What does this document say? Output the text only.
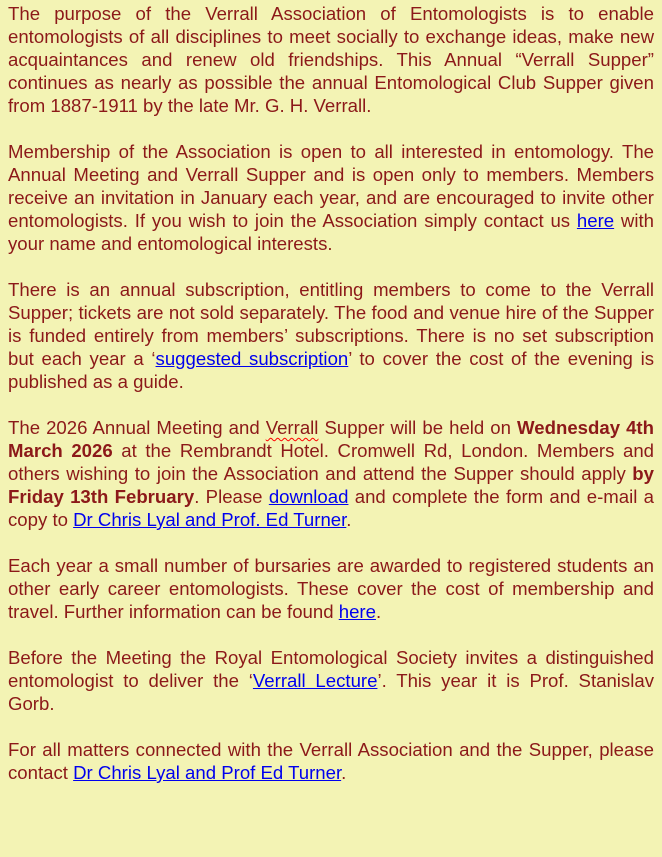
The purpose of the Verrall Association of Entomologists is to enable entomologists of all disciplines to meet socially to exchange ideas, make new acquaintances and renew old friendships. This Annual “Verrall Supper” continues as nearly as possible the annual Entomological Club Supper given from 1887-1911 by the late Mr. G. H. Verrall.

Membership of the Association is open to all interested in entomology. The Annual Meeting and Verrall Supper and is open only to members. Members receive an invitation in January each year, and are encouraged to invite other entomologists. If you wish to join the Association simply contact us here with your name and entomological interests.

There is an annual subscription, entitling members to come to the Verrall Supper; tickets are not sold separately. The food and venue hire of the Supper is funded entirely from members’ subscriptions. There is no set subscription but each year a ‘suggested subscription’ to cover the cost of the evening is published as a guide.

The 2026 Annual Meeting and Verrall Supper will be held on Wednesday 4th March 2026 at the Rembrandt Hotel. Cromwell Rd, London. Members and others wishing to join the Association and attend the Supper should apply by Friday 13th February. Please download and complete the form and e-mail a copy to Dr Chris Lyal and Prof. Ed Turner.

Each year a small number of bursaries are awarded to registered students an other early career entomologists. These cover the cost of membership and travel. Further information can be found here.

Before the Meeting the Royal Entomological Society invites a distinguished entomologist to deliver the ‘Verrall Lecture’. This year it is Prof. Stanislav Gorb.

For all matters connected with the Verrall Association and the Supper, please contact Dr Chris Lyal and Prof Ed Turner.
